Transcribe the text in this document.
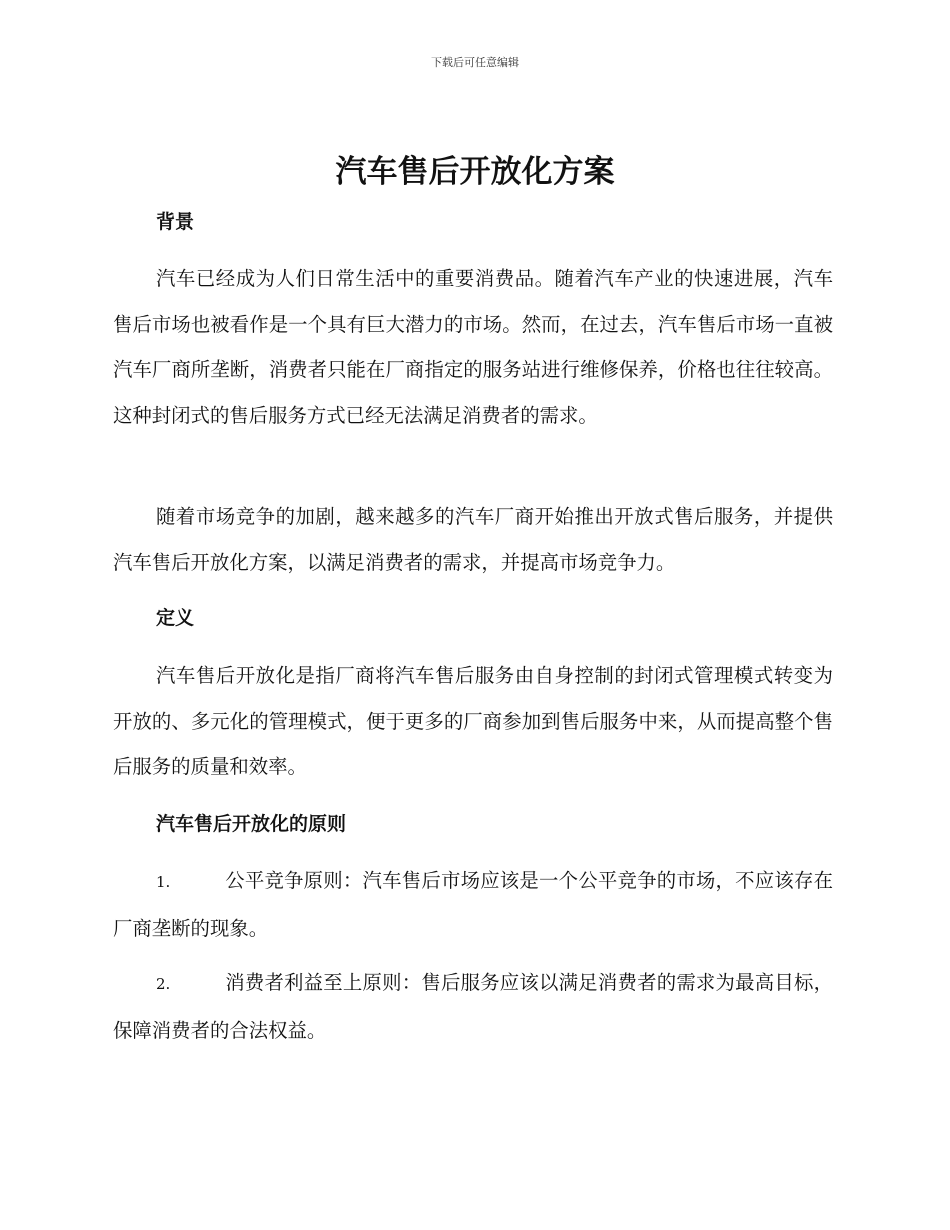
下载后可任意编辑
汽车售后开放化方案
背景

汽车已经成为人们日常生活中的重要消费品。随着汽车产业的快速进展，汽车售后市场也被看作是一个具有巨大潜力的市场。然而，在过去，汽车售后市场一直被汽车厂商所垄断，消费者只能在厂商指定的服务站进行维修保养，价格也往往较高。这种封闭式的售后服务方式已经无法满足消费者的需求。

随着市场竞争的加剧，越来越多的汽车厂商开始推出开放式售后服务，并提供汽车售后开放化方案，以满足消费者的需求，并提高市场竞争力。

定义

汽车售后开放化是指厂商将汽车售后服务由自身控制的封闭式管理模式转变为开放的、多元化的管理模式，便于更多的厂商参加到售后服务中来，从而提高整个售后服务的质量和效率。

汽车售后开放化的原则

1.	公平竞争原则：汽车售后市场应该是一个公平竞争的市场，不应该存在厂商垄断的现象。

2.	消费者利益至上原则：售后服务应该以满足消费者的需求为最高目标，保障消费者的合法权益。
